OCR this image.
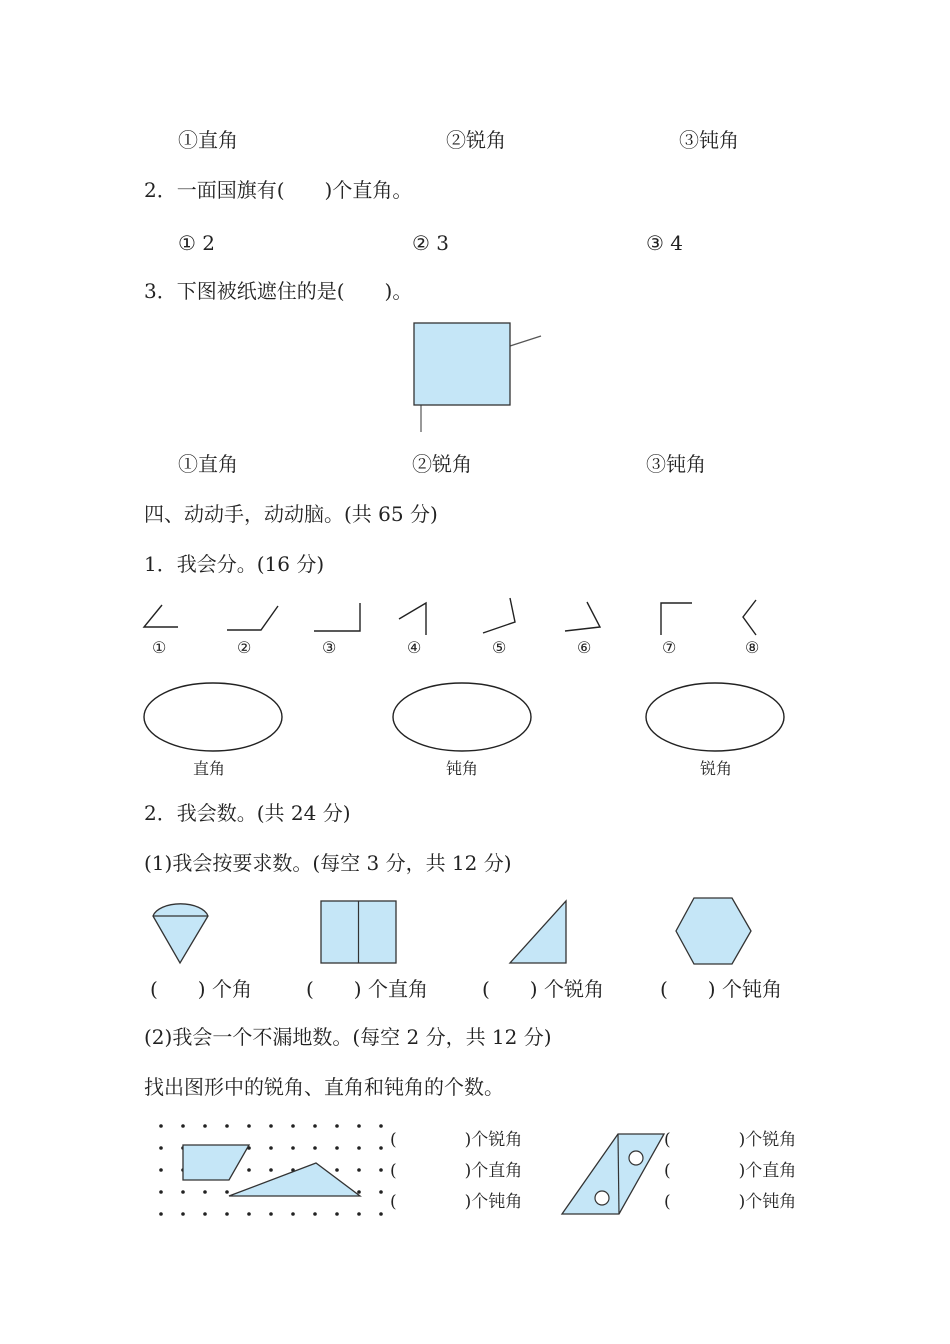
①直角	②锐角	③钝角
2．一面国旗有(　　)个直角。
① 2	② 3	③ 4
3．下图被纸遮住的是(　　)。
①直角	②锐角	③钝角
四、动动手，动动脑。(共 65 分)
1．我会分。(16 分)
①	②	③	④	⑤	⑥	⑦	⑧
直角	钝角	锐角
2．我会数。(共 24 分)
(1)我会按要求数。(每空 3 分，共 12 分)
(　　) 个角	(　　) 个直角	(　　) 个锐角	(　　) 个钝角
(2)我会一个不漏地数。(每空 2 分，共 12 分)
找出图形中的锐角、直角和钝角的个数。
(　　　　)个锐角
(　　　　)个直角
(　　　　)个钝角
(　　　　)个锐角
(　　　　)个直角
(　　　　)个钝角
